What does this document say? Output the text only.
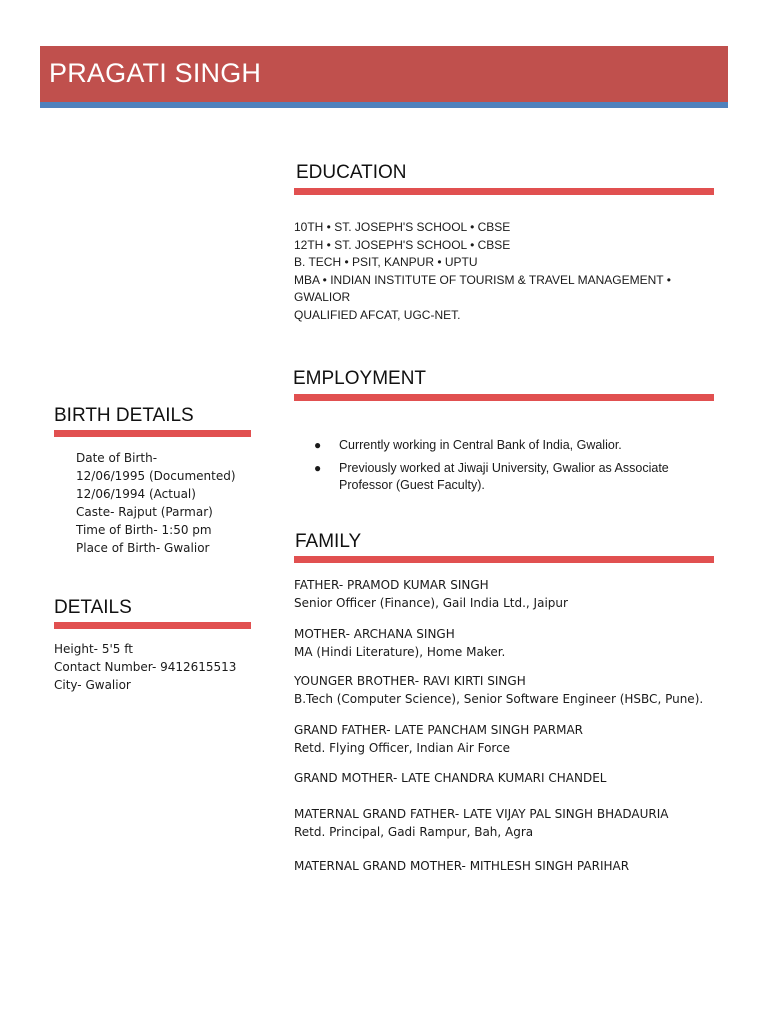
PRAGATI SINGH
EDUCATION
10TH • ST. JOSEPH'S SCHOOL • CBSE
12TH • ST. JOSEPH'S SCHOOL • CBSE
B. TECH • PSIT, KANPUR • UPTU
MBA • INDIAN INSTITUTE OF TOURISM & TRAVEL MANAGEMENT •
GWALIOR
QUALIFIED AFCAT, UGC-NET.
EMPLOYMENT
● Currently working in Central Bank of India, Gwalior.
● Previously worked at Jiwaji University, Gwalior as Associate Professor (Guest Faculty).
FAMILY
FATHER- PRAMOD KUMAR SINGH
Senior Officer (Finance), Gail India Ltd., Jaipur
MOTHER- ARCHANA SINGH
MA (Hindi Literature), Home Maker.
YOUNGER BROTHER- RAVI KIRTI SINGH
B.Tech (Computer Science), Senior Software Engineer (HSBC, Pune).
GRAND FATHER- LATE PANCHAM SINGH PARMAR
Retd. Flying Officer, Indian Air Force
GRAND MOTHER- LATE CHANDRA KUMARI CHANDEL
MATERNAL GRAND FATHER- LATE VIJAY PAL SINGH BHADAURIA
Retd. Principal, Gadi Rampur, Bah, Agra
MATERNAL GRAND MOTHER- MITHLESH SINGH PARIHAR
BIRTH DETAILS
Date of Birth-
12/06/1995 (Documented)
12/06/1994 (Actual)
Caste- Rajput (Parmar)
Time of Birth- 1:50 pm
Place of Birth- Gwalior
DETAILS
Height- 5'5 ft
Contact Number- 9412615513
City- Gwalior
